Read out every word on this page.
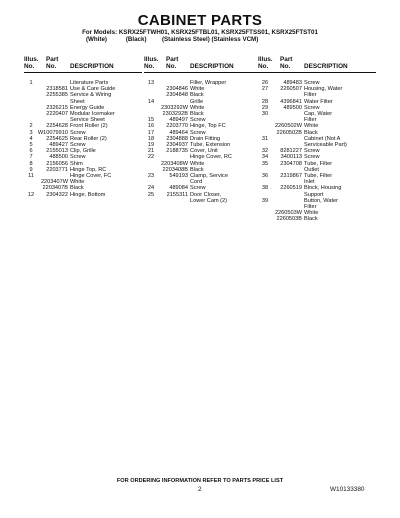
CABINET PARTS
For Models: KSRX25FTWH01, KSRX25FTBL01, KSRX25FTSS01, KSRX25FTST01
(White)           (Black)         (Stainless Steel) (Stainless VCM)
Illus.
No.
Part
No.	DESCRIPTION
1	Literature Parts
2318581 Use & Care Guide
2255385 Service & Wiring
Sheet
2326215 Energy Guide
2220407 Modular Icemaker
Service Sheet
2	2254628 Front Roller (2)
3 W10079910 Screw
4	2254625 Rear Roller (2)
5	489427 Screw
6	2155013 Clip, Grille
7	488500 Screw
8	2156056 Shim
9	2203771 Hinge Top, RC
11	Hinge Cover, FC
2203407W White
2203407B Black
12	2304322 Hinge, Bottom
Illus.
No.
Part
No.	DESCRIPTION
13	Filler, Wrapper
2304846 White
2304848 Black
14	Grille
2303292W White
2303292B Black
15	489497 Screw
16	2203770 Hinge, Top FC
17	489464 Screw
18	2304888 Drain Fitting
19	2304937 Tube, Extension
21	2188735 Cover, Unit
22	Hinge Cover, RC
2203408W White
2203408B Black
23	549193 Clamp, Service
Cord
24	489084 Screw
25	2155311 Door Closer,
Lower Cam (2)
Illus.
No.
Part
No.	DESCRIPTION
26	489483 Screw
27	2260507 Housing, Water
Filter
28	4396841 Water Filter
29	489500 Screw
30	Cap, Water
Filter
2260502W White
2260502B Black
31	Cabinet (Not A
Serviceable Part)
32	8281227 Screw
34	3400113 Screw
35	2304708 Tube, Filter
Outlet
36	2319867 Tube, Filter
Inlet
38	2260519 Block, Housing
Support
39	Button, Water
Filter
2260503W White
2260503B Black
FOR ORDERING INFORMATION REFER TO PARTS PRICE LIST
2	W10133380
